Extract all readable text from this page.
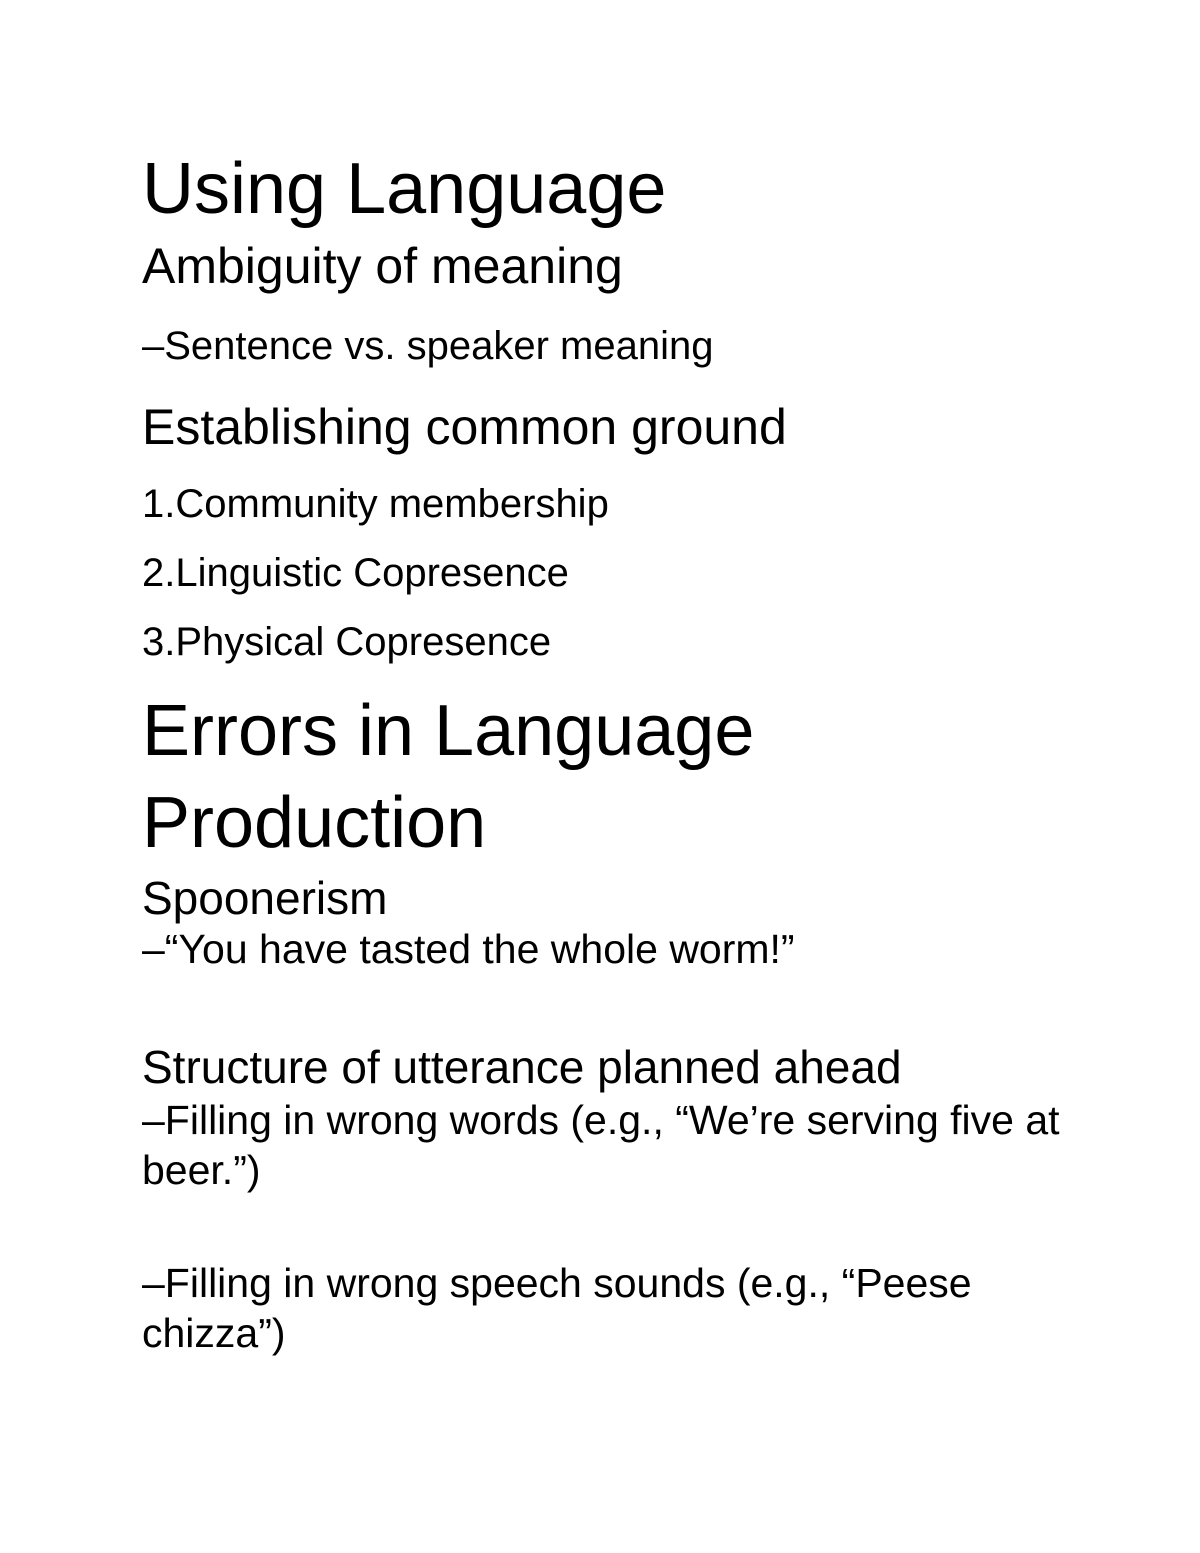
Using Language
Ambiguity of meaning
–Sentence vs. speaker meaning
Establishing common ground
1.Community membership
2.Linguistic Copresence
3.Physical Copresence
Errors in Language
Production
Spoonerism
–“You have tasted the whole worm!”
Structure of utterance planned ahead
–Filling in wrong words (e.g., “We’re serving five at beer.”)
–Filling in wrong speech sounds (e.g., “Peese chizza”)
